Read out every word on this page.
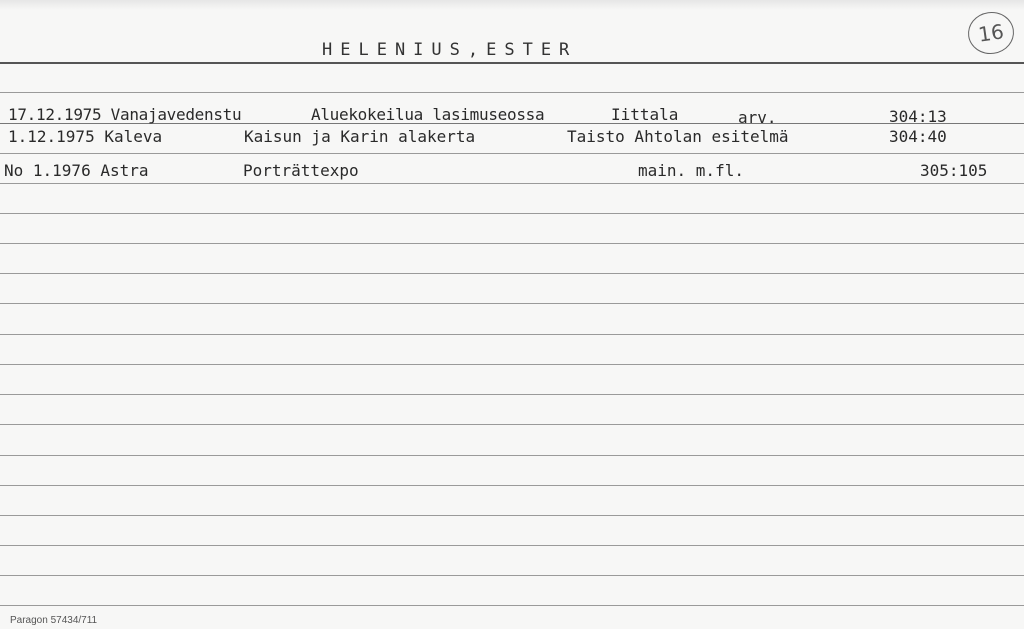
HELENIUS,ESTER
16
17.12.1975 Vanajavedenstu	Aluekokeilua lasimuseossa	Iittala	arv.	304:13
1.12.1975 Kaleva	Kaisun ja Karin alakerta	Taisto Ahtolan esitelmä	304:40
No 1.1976 Astra	Porträttexpo	main. m.fl.	305:105
Paragon 57434/711
